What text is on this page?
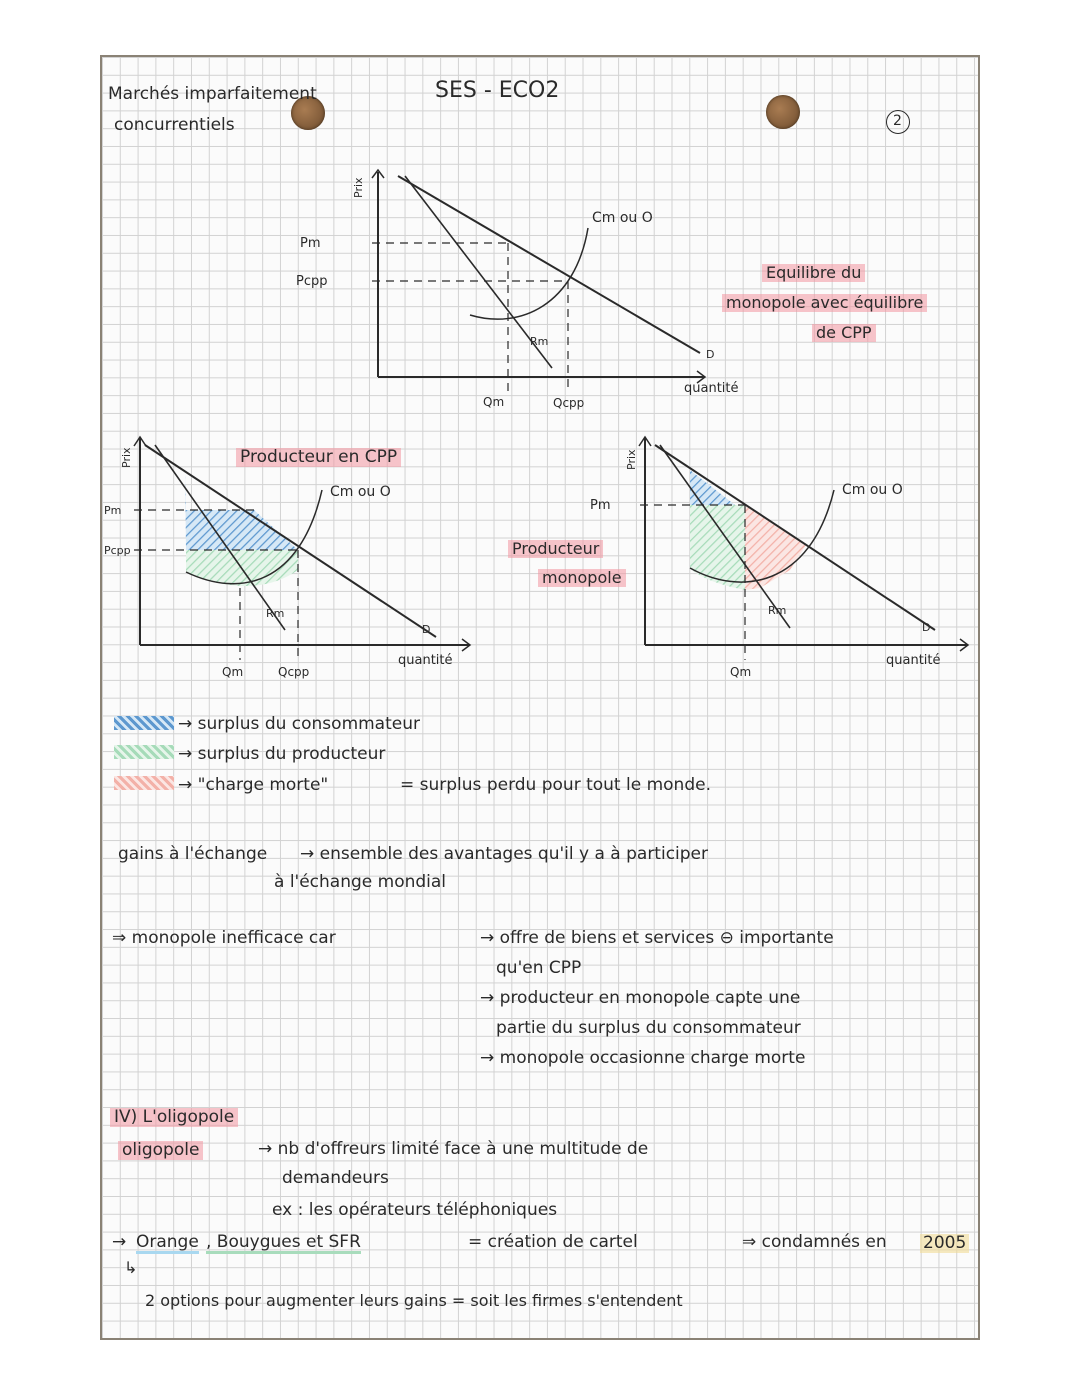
Marchés imparfaitement
concurrentiels
SES - ECO2
2
Prix
Pm
Pcpp
Cm ou O
Rm
D
Qm	Qcpp
quantité
Prix
Pm
Pcpp
Cm ou O
Rm
D
Qm	Qcpp
quantité
Prix
Pm
Cm ou O
Rm
D
Qm
quantité
Equilibre du
monopole avec équilibre
de CPP
Producteur en CPP
Producteur
monopole
→ surplus du consommateur
→ surplus du producteur
→ "charge morte"	= surplus perdu pour tout le monde.
gains à l'échange → ensemble des avantages qu'il y a à participer
à l'échange mondial
⇒ monopole inefficace car	→ offre de biens et services ⊖ importante
qu'en CPP
→ producteur en monopole capte une
partie du surplus du consommateur
→ monopole occasionne charge morte
IV) L'oligopole
oligopole	→ nb d'offreurs limité face à une multitude de
demandeurs
ex : les opérateurs téléphoniques
→ Orange , Bouygues et SFR	= création de cartel	⇒ condamnés en 2005
↳
2 options pour augmenter leurs gains = soit les firmes s'entendent
